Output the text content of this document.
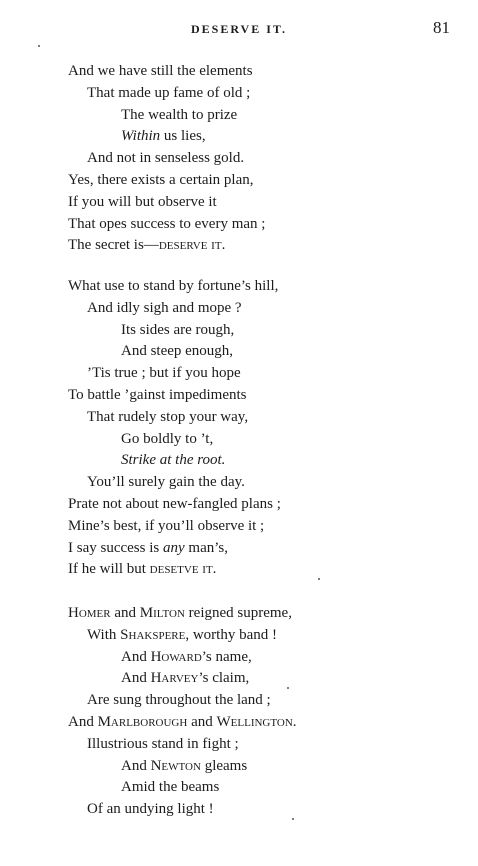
DESERVE IT.	81
And we have still the elements
That made up fame of old ;
The wealth to prize
Within us lies,
And not in senseless gold.
Yes, there exists a certain plan,
If you will but observe it
That opes success to every man ;
The secret is—deserve it.
What use to stand by fortune’s hill,
And idly sigh and mope ?
Its sides are rough,
And steep enough,
’Tis true ; but if you hope
To battle ’gainst impediments
That rudely stop your way,
Go boldly to ’t,
Strike at the root.
You’ll surely gain the day.
Prate not about new-fangled plans ;
Mine’s best, if you’ll observe it ;
I say success is any man’s,
If he will but desetve it.
Homer and Milton reigned supreme,
With Shakspere, worthy band !
And Howard’s name,
And Harvey’s claim,
Are sung throughout the land ;
And Marlborough and Wellington.
Illustrious stand in fight ;
And Newton gleams
Amid the beams
Of an undying light !
